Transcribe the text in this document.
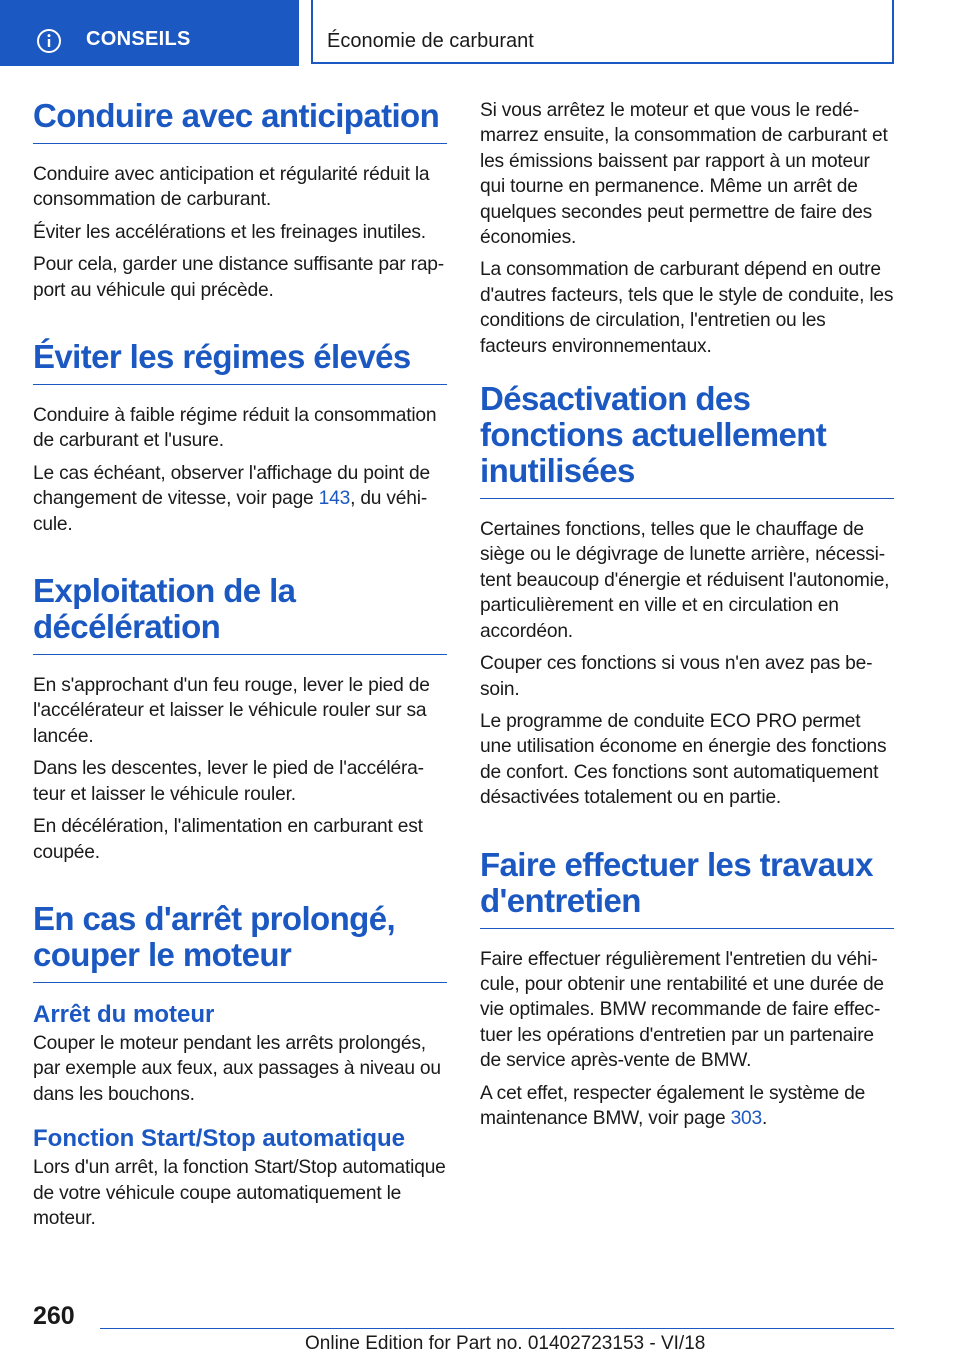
CONSEILS	Économie de carburant
Conduire avec anticipation

Conduire avec anticipation et régularité réduit la consommation de carburant.

Éviter les accélérations et les freinages inutiles.

Pour cela, garder une distance suffisante par rapport au véhicule qui précède.

Éviter les régimes élevés

Conduire à faible régime réduit la consommation de carburant et l'usure.

Le cas échéant, observer l'affichage du point de changement de vitesse, voir page 143, du véhicule.

Exploitation de la décélération

En s'approchant d'un feu rouge, lever le pied de l'accélérateur et laisser le véhicule rouler sur sa lancée.

Dans les descentes, lever le pied de l'accélérateur et laisser le véhicule rouler.

En décélération, l'alimentation en carburant est coupée.

En cas d'arrêt prolongé, couper le moteur
Arrêt du moteur

Couper le moteur pendant les arrêts prolongés, par exemple aux feux, aux passages à niveau ou dans les bouchons.

Fonction Start/Stop automatique

Lors d'un arrêt, la fonction Start/Stop automatique de votre véhicule coupe automatiquement le moteur.

Si vous arrêtez le moteur et que vous le redémarrez ensuite, la consommation de carburant et les émissions baissent par rapport à un moteur qui tourne en permanence. Même un arrêt de quelques secondes peut permettre de faire des économies.

La consommation de carburant dépend en outre d'autres facteurs, tels que le style de conduite, les conditions de circulation, l'entretien ou les facteurs environnementaux.

Désactivation des fonctions actuellement inutilisées

Certaines fonctions, telles que le chauffage de siège ou le dégivrage de lunette arrière, nécessitent beaucoup d'énergie et réduisent l'autonomie, particulièrement en ville et en circulation en accordéon.

Couper ces fonctions si vous n'en avez pas besoin.

Le programme de conduite ECO PRO permet une utilisation économe en énergie des fonctions de confort. Ces fonctions sont automatiquement désactivées totalement ou en partie.

Faire effectuer les travaux d'entretien

Faire effectuer régulièrement l'entretien du véhicule, pour obtenir une rentabilité et une durée de vie optimales. BMW recommande de faire effectuer les opérations d'entretien par un partenaire de service après-vente de BMW.

A cet effet, respecter également le système de maintenance BMW, voir page 303.

260
Online Edition for Part no. 01402723153 - VI/18
